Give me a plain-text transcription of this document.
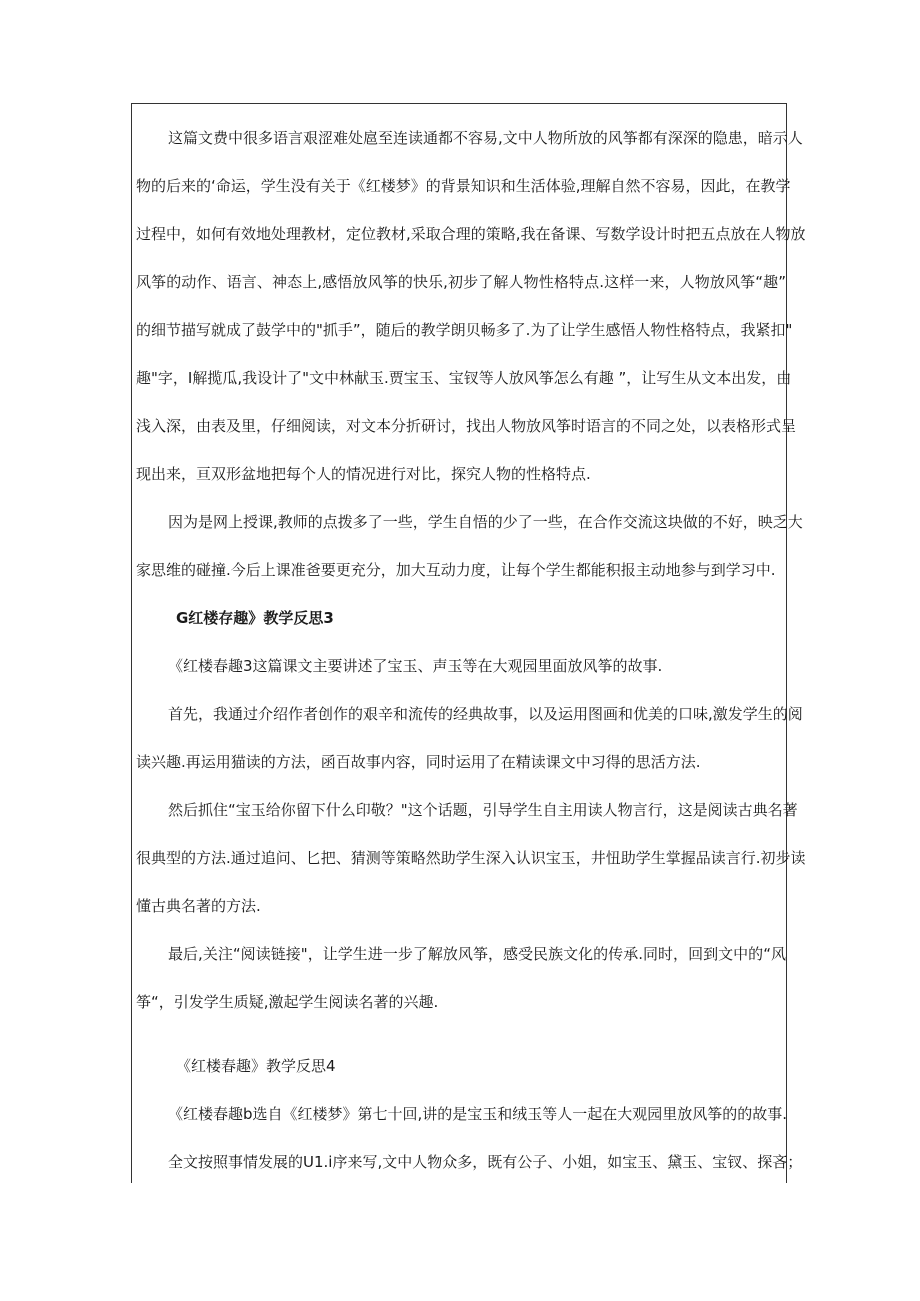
这篇文费中很多语言艰涩难处扈至连读通都不容易,文中人物所放的风筝都有深深的隐患，暗示人
物的后来的‘命运，学生没有关于《红楼梦》的背景知识和生活体验,理解自然不容易，因此，在教学
过程中，如何有效地处理教材，定位教材,采取合理的策略,我在备课、写数学设计时把五点放在人物放
风筝的动作、语言、神态上,感悟放风筝的快乐,初步了解人物性格特点.这样一来，人物放风筝“趣”
的细节描写就成了鼓学中的"抓手”，随后的教学朗贝畅多了.为了让学生感悟人物性格特点，我紧扣"
趣"字，I解揽瓜,我设计了"文中林献玉.贾宝玉、宝钗等人放风筝怎么有趣 ”，让写生从文本出发，由
浅入深，由表及里，仔细阅读，对文本分折研讨，找出人物放风筝时语言的不同之处，以表格形式呈
现出来，亘双形盆地把每个人的情况进行对比，探究人物的性格特点.
因为是网上授课,教师的点拨多了一些，学生自悟的少了一些，在合作交流这块做的不好，映乏大
家思维的碰撞.今后上课准爸要更充分，加大互动力度，让每个学生都能积报主动地参与到学习中.
G红楼存趣》教学反思3
《红楼春趣3这篇课文主要讲述了宝玉、声玉等在大观园里面放风筝的故事.
首先，我通过介绍作者创作的艰辛和流传的经典故事，以及运用图画和优美的口味,激发学生的阅
读兴趣.再运用猫读的方法，函百故事内容，同时运用了在精读课文中习得的思活方法.
然后抓住“宝玉给你留下什么印敬？"这个话题，引导学生自主用读人物言行，这是阅读古典名著
很典型的方法.通过追问、匕把、猜测等策略然助学生深入认识宝玉，井忸助学生掌握品读言行.初步读
懂古典名著的方法.
最后,关注“阅读链接"，让学生进一步了解放风筝，感受民族文化的传承.同时，回到文中的“风
筝“，引发学生质疑,激起学生阅读名著的兴趣.
《红楼春趣》教学反思4
《红楼春趣b选自《红楼梦》第七十回,讲的是宝玉和绒玉等人一起在大观园里放风筝的的故事.
全文按照事情发展的U1.i序来写,文中人物众多，既有公子、小姐，如宝玉、黛玉、宝钗、探吝；
